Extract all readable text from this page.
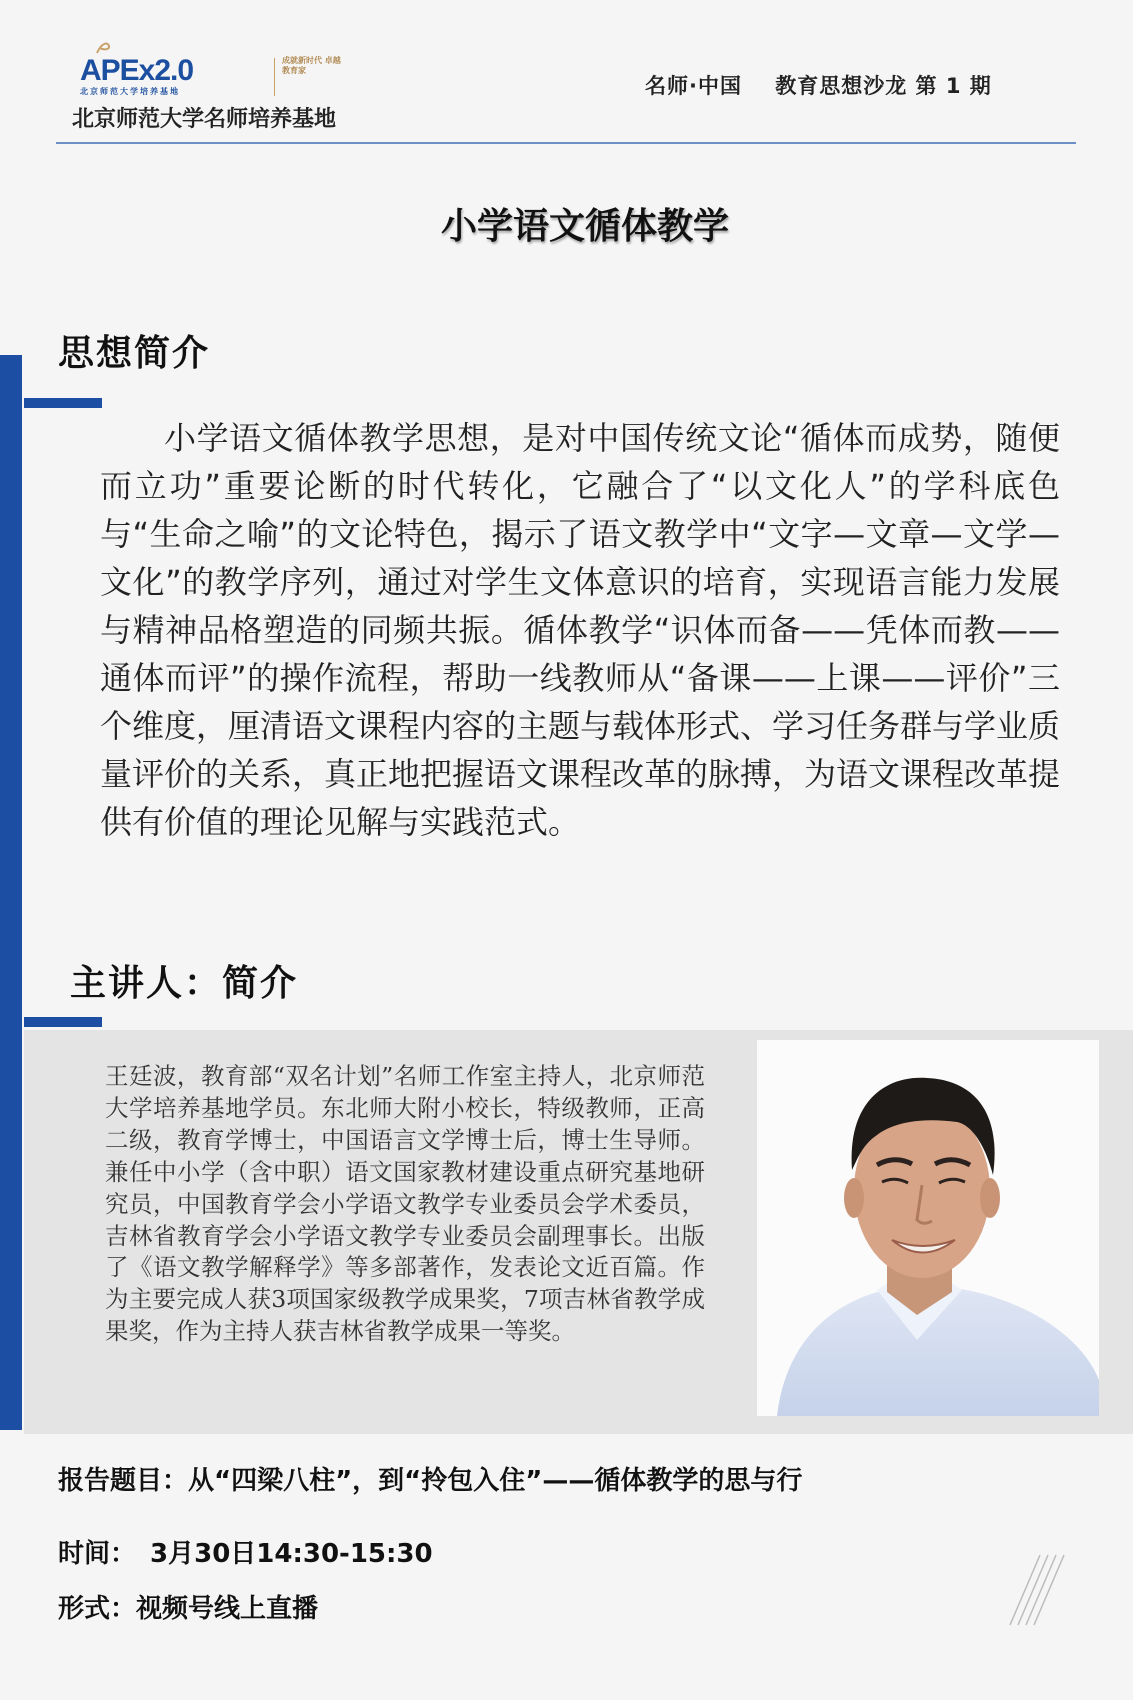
APEx2.0
北京师范大学培养基地
成就新时代 卓越教育家
北京师范大学名师培养基地
名师·中国    教育思想沙龙 第 1 期
小学语文循体教学
思想简介
小学语文循体教学思想，是对中国传统文论“循体而成势，随便而立功”重要论断的时代转化，它融合了“以文化人”的学科底色与“生命之喻”的文论特色，揭示了语文教学中“文字—文章—文学—文化”的教学序列，通过对学生文体意识的培育，实现语言能力发展与精神品格塑造的同频共振。循体教学“识体而备——凭体而教——通体而评”的操作流程，帮助一线教师从“备课——上课——评价”三个维度，厘清语文课程内容的主题与载体形式、学习任务群与学业质量评价的关系，真正地把握语文课程改革的脉搏，为语文课程改革提供有价值的理论见解与实践范式。
主讲人：简介
王廷波，教育部“双名计划”名师工作室主持人，北京师范大学培养基地学员。东北师大附小校长，特级教师，正高二级，教育学博士，中国语言文学博士后，博士生导师。兼任中小学（含中职）语文国家教材建设重点研究基地研究员，中国教育学会小学语文教学专业委员会学术委员，吉林省教育学会小学语文教学专业委员会副理事长。出版了《语文教学解释学》等多部著作，发表论文近百篇。作为主要完成人获3项国家级教学成果奖，7项吉林省教学成果奖，作为主持人获吉林省教学成果一等奖。
报告题目：从“四梁八柱”，到“拎包入住”——循体教学的思与行
时间： 3月30日14:30-15:30
形式：视频号线上直播
